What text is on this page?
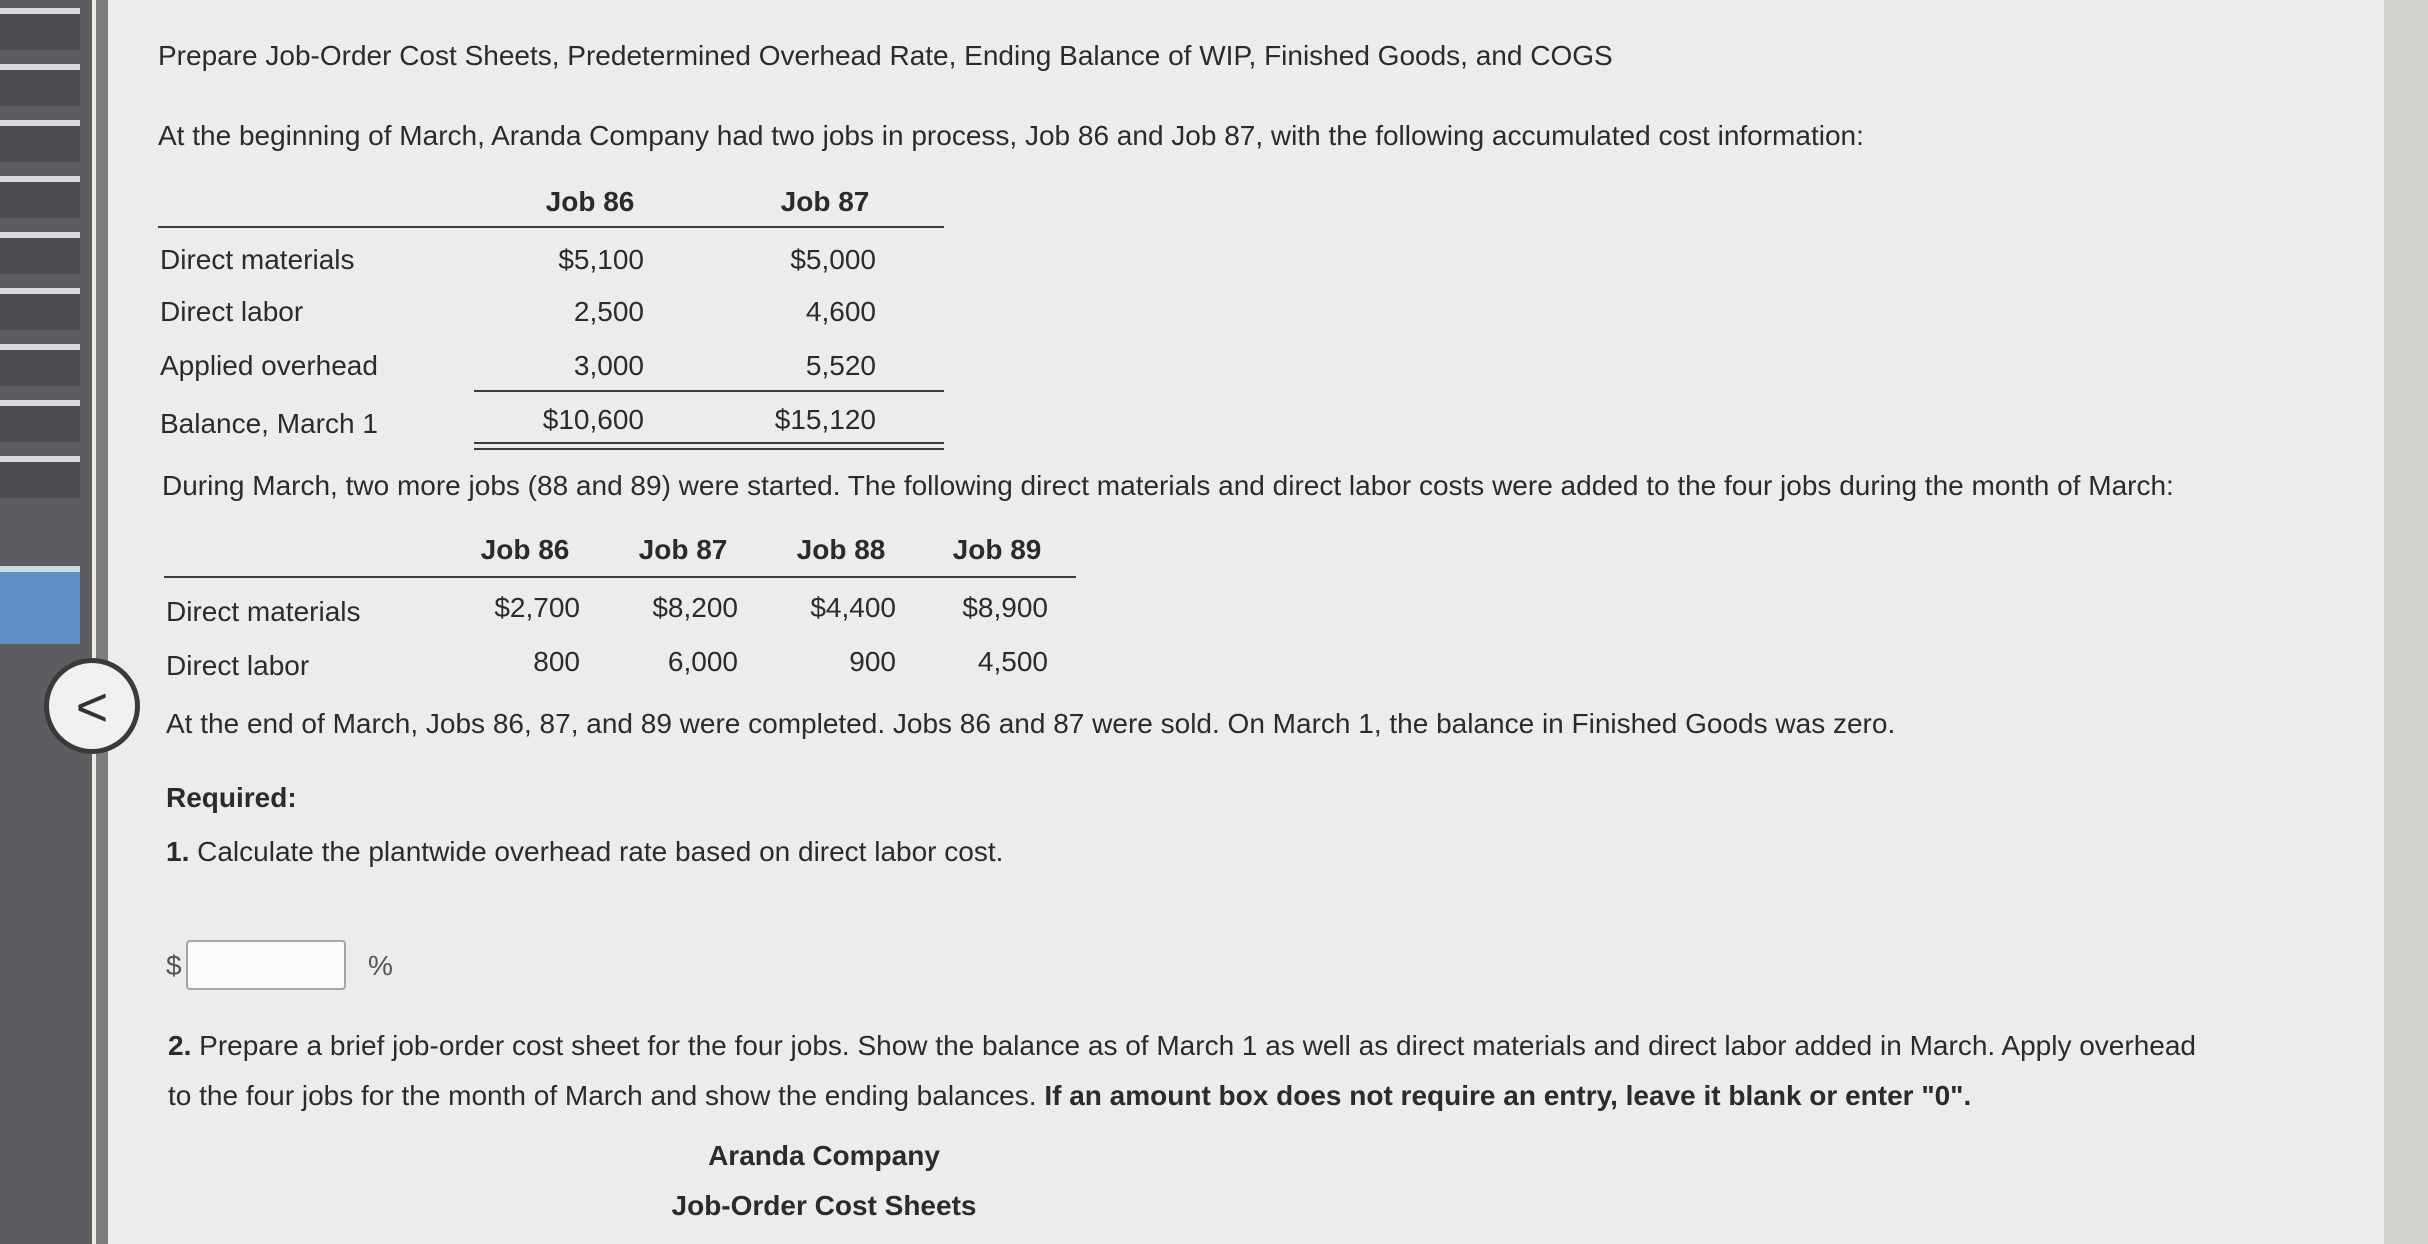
<
Prepare Job-Order Cost Sheets, Predetermined Overhead Rate, Ending Balance of WIP, Finished Goods, and COGS
At the beginning of March, Aranda Company had two jobs in process, Job 86 and Job 87, with the following accumulated cost information:
Job 86	Job 87
Direct materials	$5,100	$5,000
Direct labor	2,500	4,600
Applied overhead	3,000	5,520
Balance, March 1	$10,600	$15,120
During March, two more jobs (88 and 89) were started. The following direct materials and direct labor costs were added to the four jobs during the month of March:
Job 86	Job 87	Job 88	Job 89
Direct materials	$2,700	$8,200	$4,400	$8,900
Direct labor	800	6,000	900	4,500
At the end of March, Jobs 86, 87, and 89 were completed. Jobs 86 and 87 were sold. On March 1, the balance in Finished Goods was zero.
Required:
1. Calculate the plantwide overhead rate based on direct labor cost.
$	%
2. Prepare a brief job-order cost sheet for the four jobs. Show the balance as of March 1 as well as direct materials and direct labor added in March. Apply overhead
to the four jobs for the month of March and show the ending balances. If an amount box does not require an entry, leave it blank or enter "0".
Aranda Company
Job-Order Cost Sheets
